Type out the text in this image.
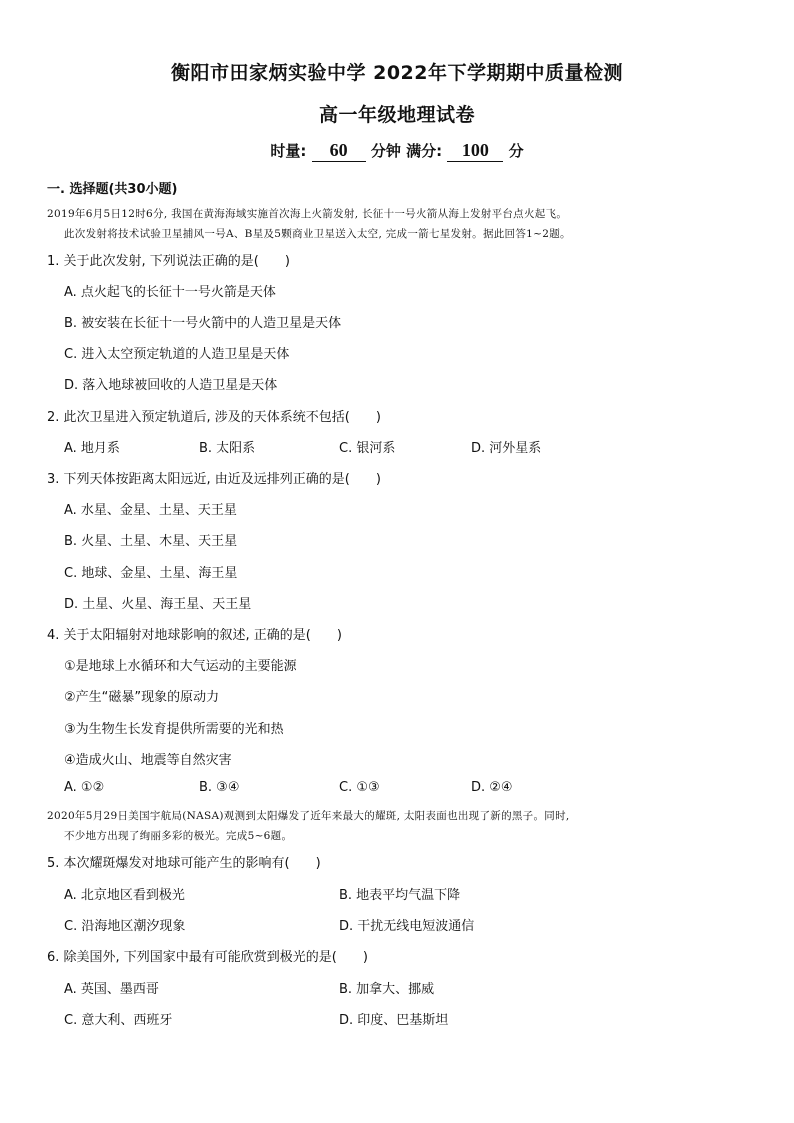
衡阳市田家炳实验中学 2022年下学期期中质量检测
高一年级地理试卷
时量: 60 分钟 满分: 100 分
一. 选择题(共30小题)
2019年6月5日12时6分, 我国在黄海海域实施首次海上火箭发射, 长征十一号火箭从海上发射平台点火起飞。
此次发射将技术试验卫星捕风一号A、B星及5颗商业卫星送入太空, 完成一箭七星发射。据此回答1~2题。
1. 关于此次发射, 下列说法正确的是(　　)
A. 点火起飞的长征十一号火箭是天体
B. 被安装在长征十一号火箭中的人造卫星是天体
C. 进入太空预定轨道的人造卫星是天体
D. 落入地球被回收的人造卫星是天体
2. 此次卫星进入预定轨道后, 涉及的天体系统不包括(　　)
A. 地月系	B. 太阳系	C. 银河系	D. 河外星系
3. 下列天体按距离太阳远近, 由近及远排列正确的是(　　)
A. 水星、金星、土星、天王星
B. 火星、土星、木星、天王星
C. 地球、金星、土星、海王星
D. 土星、火星、海王星、天王星
4. 关于太阳辐射对地球影响的叙述, 正确的是(　　)
①是地球上水循环和大气运动的主要能源
②产生“磁暴”现象的原动力
③为生物生长发育提供所需要的光和热
④造成火山、地震等自然灾害
A. ①②	B. ③④	C. ①③	D. ②④
2020年5月29日美国宇航局(NASA)观测到太阳爆发了近年来最大的耀斑, 太阳表面也出现了新的黑子。同时,
不少地方出现了绚丽多彩的极光。完成5~6题。
5. 本次耀斑爆发对地球可能产生的影响有(　　)
A. 北京地区看到极光	B. 地表平均气温下降
C. 沿海地区潮汐现象	D. 干扰无线电短波通信
6. 除美国外, 下列国家中最有可能欣赏到极光的是(　　)
A. 英国、墨西哥	B. 加拿大、挪威
C. 意大利、西班牙	D. 印度、巴基斯坦
